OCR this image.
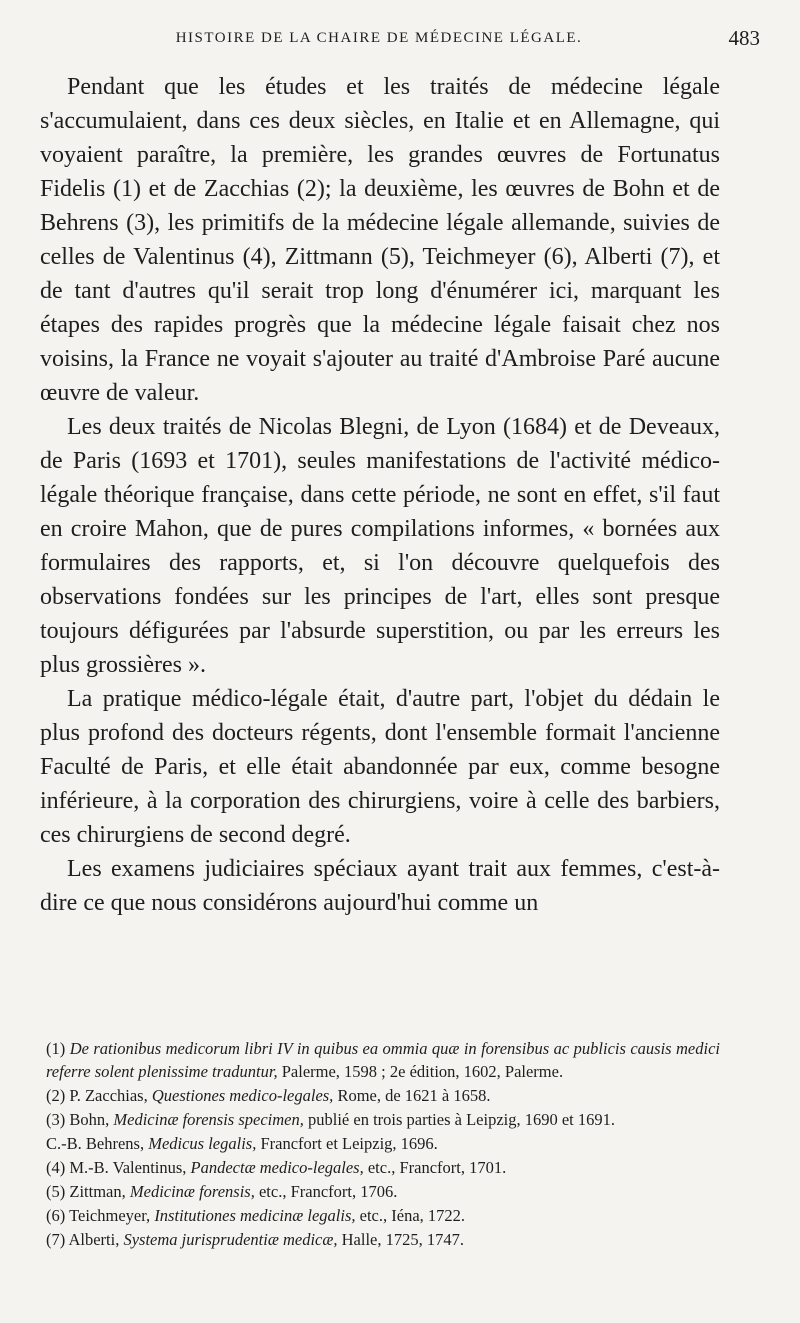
HISTOIRE DE LA CHAIRE DE MÉDECINE LÉGALE.	483

Pendant que les études et les traités de médecine légale s'accumulaient, dans ces deux siècles, en Italie et en Allemagne, qui voyaient paraître, la première, les grandes œuvres de Fortunatus Fidelis (1) et de Zacchias (2); la deuxième, les œuvres de Bohn et de Behrens (3), les primitifs de la médecine légale allemande, suivies de celles de Valentinus (4), Zittmann (5), Teichmeyer (6), Alberti (7), et de tant d'autres qu'il serait trop long d'énumérer ici, marquant les étapes des rapides progrès que la médecine légale faisait chez nos voisins, la France ne voyait s'ajouter au traité d'Ambroise Paré aucune œuvre de valeur.

Les deux traités de Nicolas Blegni, de Lyon (1684) et de Deveaux, de Paris (1693 et 1701), seules manifestations de l'activité médico-légale théorique française, dans cette période, ne sont en effet, s'il faut en croire Mahon, que de pures compilations informes, « bornées aux formulaires des rapports, et, si l'on découvre quelquefois des observations fondées sur les principes de l'art, elles sont presque toujours défigurées par l'absurde superstition, ou par les erreurs les plus grossières ».

La pratique médico-légale était, d'autre part, l'objet du dédain le plus profond des docteurs régents, dont l'ensemble formait l'ancienne Faculté de Paris, et elle était abandonnée par eux, comme besogne inférieure, à la corporation des chirurgiens, voire à celle des barbiers, ces chirurgiens de second degré.

Les examens judiciaires spéciaux ayant trait aux femmes, c'est-à-dire ce que nous considérons aujourd'hui comme un

(1) De rationibus medicorum libri IV in quibus ea ommia quæ in forensibus ac publicis causis medici referre solent plenissime traduntur, Palerme, 1598 ; 2e édition, 1602, Palerme.

(2) P. Zacchias, Questiones medico-legales, Rome, de 1621 à 1658.

(3) Bohn, Medicinæ forensis specimen, publié en trois parties à Leipzig, 1690 et 1691.

C.-B. Behrens, Medicus legalis, Francfort et Leipzig, 1696.

(4) M.-B. Valentinus, Pandectæ medico-legales, etc., Francfort, 1701.

(5) Zittman, Medicinæ forensis, etc., Francfort, 1706.

(6) Teichmeyer, Institutiones medicinæ legalis, etc., Iéna, 1722.

(7) Alberti, Systema jurisprudentiæ medicæ, Halle, 1725, 1747.
